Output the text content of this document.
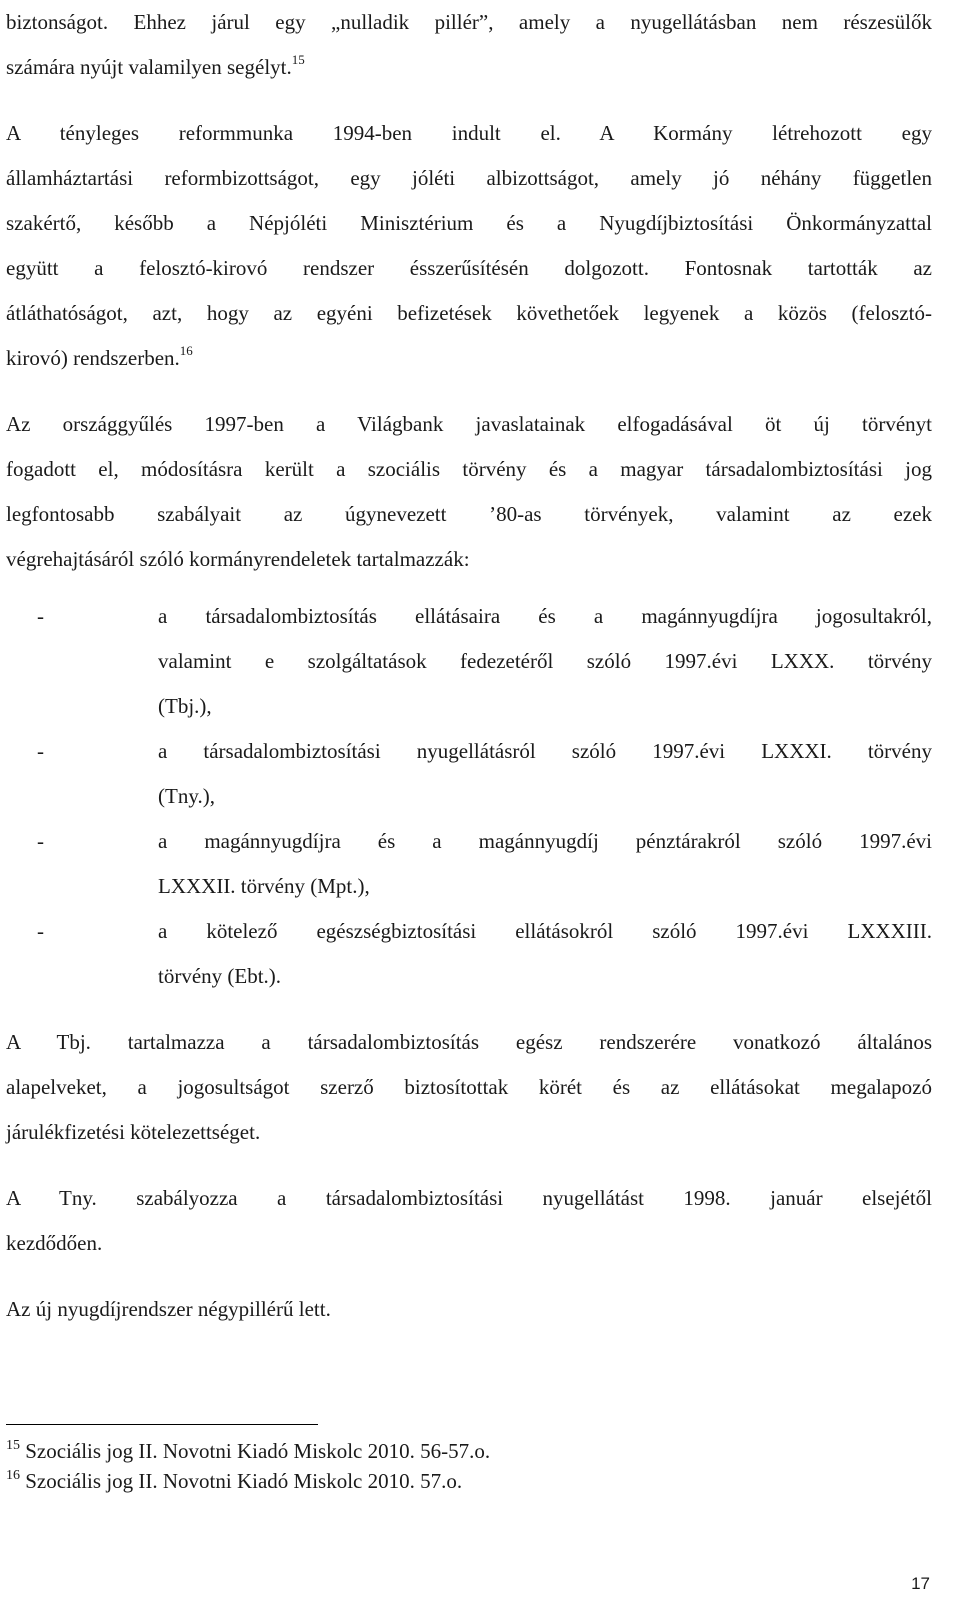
biztonságot. Ehhez járul egy „nulladik pillér”, amely a nyugellátásban nem részesülők
számára nyújt valamilyen segélyt.$^{15}$
A tényleges reformmunka 1994-ben indult el. A Kormány létrehozott egy
államháztartási reformbizottságot, egy jóléti albizottságot, amely jó néhány független
szakértő, később a Népjóléti Minisztérium és a Nyugdíjbiztosítási Önkormányzattal
együtt a felosztó-kirovó rendszer ésszerűsítésén dolgozott. Fontosnak tartották az
átláthatóságot, azt, hogy az egyéni befizetések követhetőek legyenek a közös (felosztó-
kirovó) rendszerben.$^{16}$
Az országgyűlés 1997-ben a Világbank javaslatainak elfogadásával öt új törvényt
fogadott el, módosításra került a szociális törvény és a magyar társadalombiztosítási jog
legfontosabb szabályait az úgynevezett ’80-as törvények, valamint az ezek
végrehajtásáról szóló kormányrendeletek tartalmazzák:
-	a társadalombiztosítás ellátásaira és a magánnyugdíjra jogosultakról,
valamint e szolgáltatások fedezetéről szóló 1997.évi LXXX. törvény
(Tbj.),
-	a társadalombiztosítási nyugellátásról szóló 1997.évi LXXXI. törvény
(Tny.),
-	a magánnyugdíjra és a magánnyugdíj pénztárakról szóló 1997.évi
LXXXII. törvény (Mpt.),
-	a kötelező egészségbiztosítási ellátásokról szóló 1997.évi LXXXIII.
törvény (Ebt.).
A Tbj. tartalmazza a társadalombiztosítás egész rendszerére vonatkozó általános
alapelveket, a jogosultságot szerző biztosítottak körét és az ellátásokat megalapozó
járulékfizetési kötelezettséget.
A Tny. szabályozza a társadalombiztosítási nyugellátást 1998. január elsejétől
kezdődően.
Az új nyugdíjrendszer négypillérű lett.
$^{15}$ Szociális jog II. Novotni Kiadó Miskolc 2010. 56-57.o.
$^{16}$ Szociális jog II. Novotni Kiadó Miskolc 2010. 57.o.
17
